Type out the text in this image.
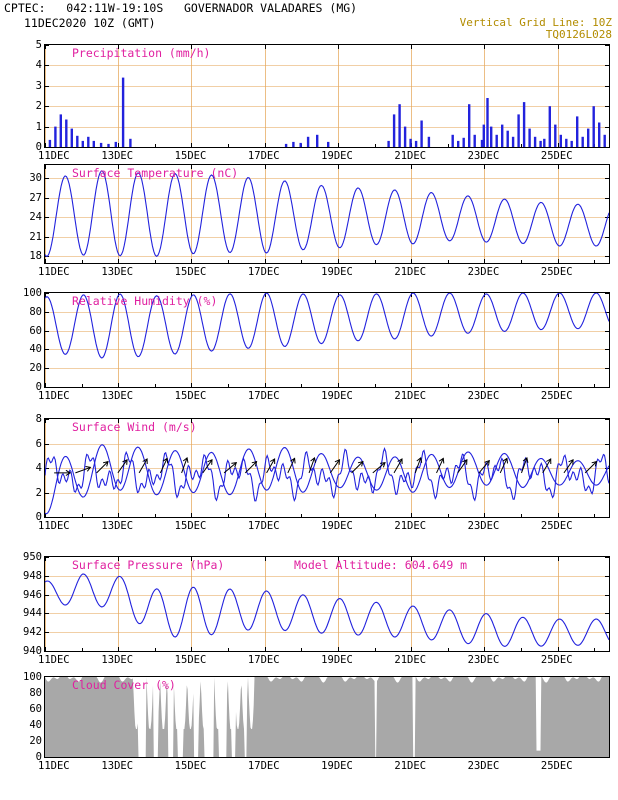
CPTEC:   042:11W-19:10S   GOVERNADOR VALADARES (MG)
11DEC2020 10Z (GMT)	Vertical Grid Line: 10Z
TQ0126L028
0
1
2
3
4
5
Precipitation (mm/h)
11DEC	13DEC	15DEC	17DEC	19DEC	21DEC	23DEC	25DEC
18
21
24
27
30	Surface Temperature (nC)
11DEC	13DEC	15DEC	17DEC	19DEC	21DEC	23DEC	25DEC
0
20
40
60
80
100
Relative Humidity (%)
11DEC	13DEC	15DEC	17DEC	19DEC	21DEC	23DEC	25DEC
0
2
4
6
8
Surface Wind (m/s)
11DEC	13DEC	15DEC	17DEC	19DEC	21DEC	23DEC	25DEC
940
942
944
946
948
950
Surface Pressure (hPa)	Model Altitude: 604.649 m
11DEC	13DEC	15DEC	17DEC	19DEC	21DEC	23DEC	25DEC
0
20
40
60
80
100
Cloud Cover (%)
11DEC	13DEC	15DEC	17DEC	19DEC	21DEC	23DEC	25DEC
